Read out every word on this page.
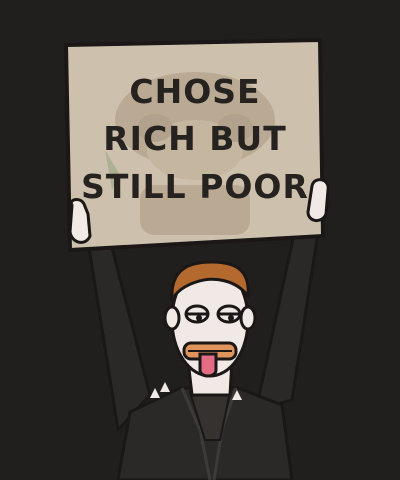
CHOSE
RICH BUT
STILL POOR
